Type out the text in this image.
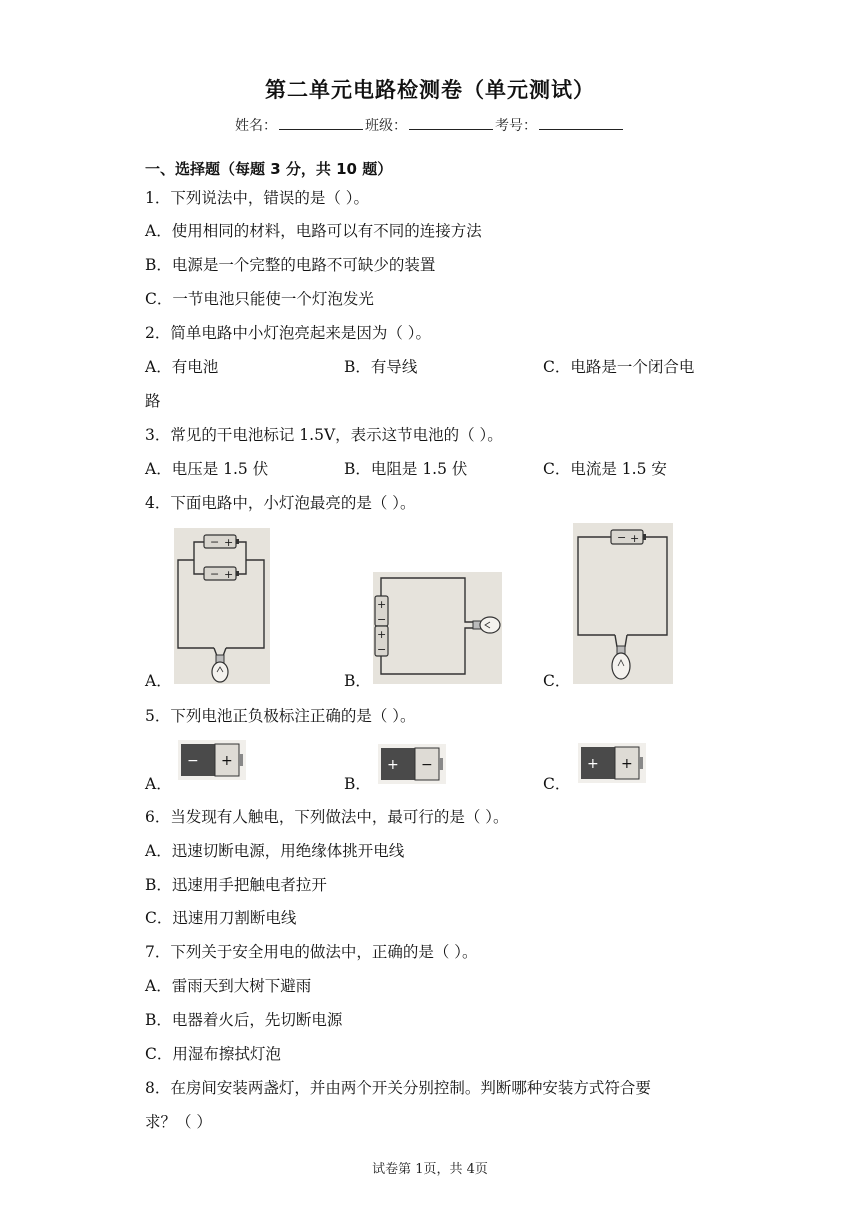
第二单元电路检测卷（单元测试）
姓名：	班级：	考号：
一、选择题（每题 3 分，共 10 题）
1．下列说法中，错误的是（ ）。
A．使用相同的材料，电路可以有不同的连接方法
B．电源是一个完整的电路不可缺少的装置
C．一节电池只能使一个灯泡发光
2．简单电路中小灯泡亮起来是因为（ ）。
A．有电池	B．有导线	C．电路是一个闭合电
路
3．常见的干电池标记 1.5V，表示这节电池的（ ）。
A．电压是 1.5 伏	B．电阻是 1.5 伏	C．电流是 1.5 安
4．下面电路中，小灯泡最亮的是（ ）。
− +
− +
+
−
+
−
− +
A．	B．	C．
5．下列电池正负极标注正确的是（ ）。
− +	+ −	+ +
A．	B．	C．
6．当发现有人触电，下列做法中，最可行的是（ ）。
A．迅速切断电源，用绝缘体挑开电线
B．迅速用手把触电者拉开
C．迅速用刀割断电线
7．下列关于安全用电的做法中，正确的是（ ）。
A．雷雨天到大树下避雨
B．电器着火后，先切断电源
C．用湿布擦拭灯泡
8．在房间安装两盏灯，并由两个开关分别控制。判断哪种安装方式符合要
求？（ ）
试卷第 1页，共 4页
